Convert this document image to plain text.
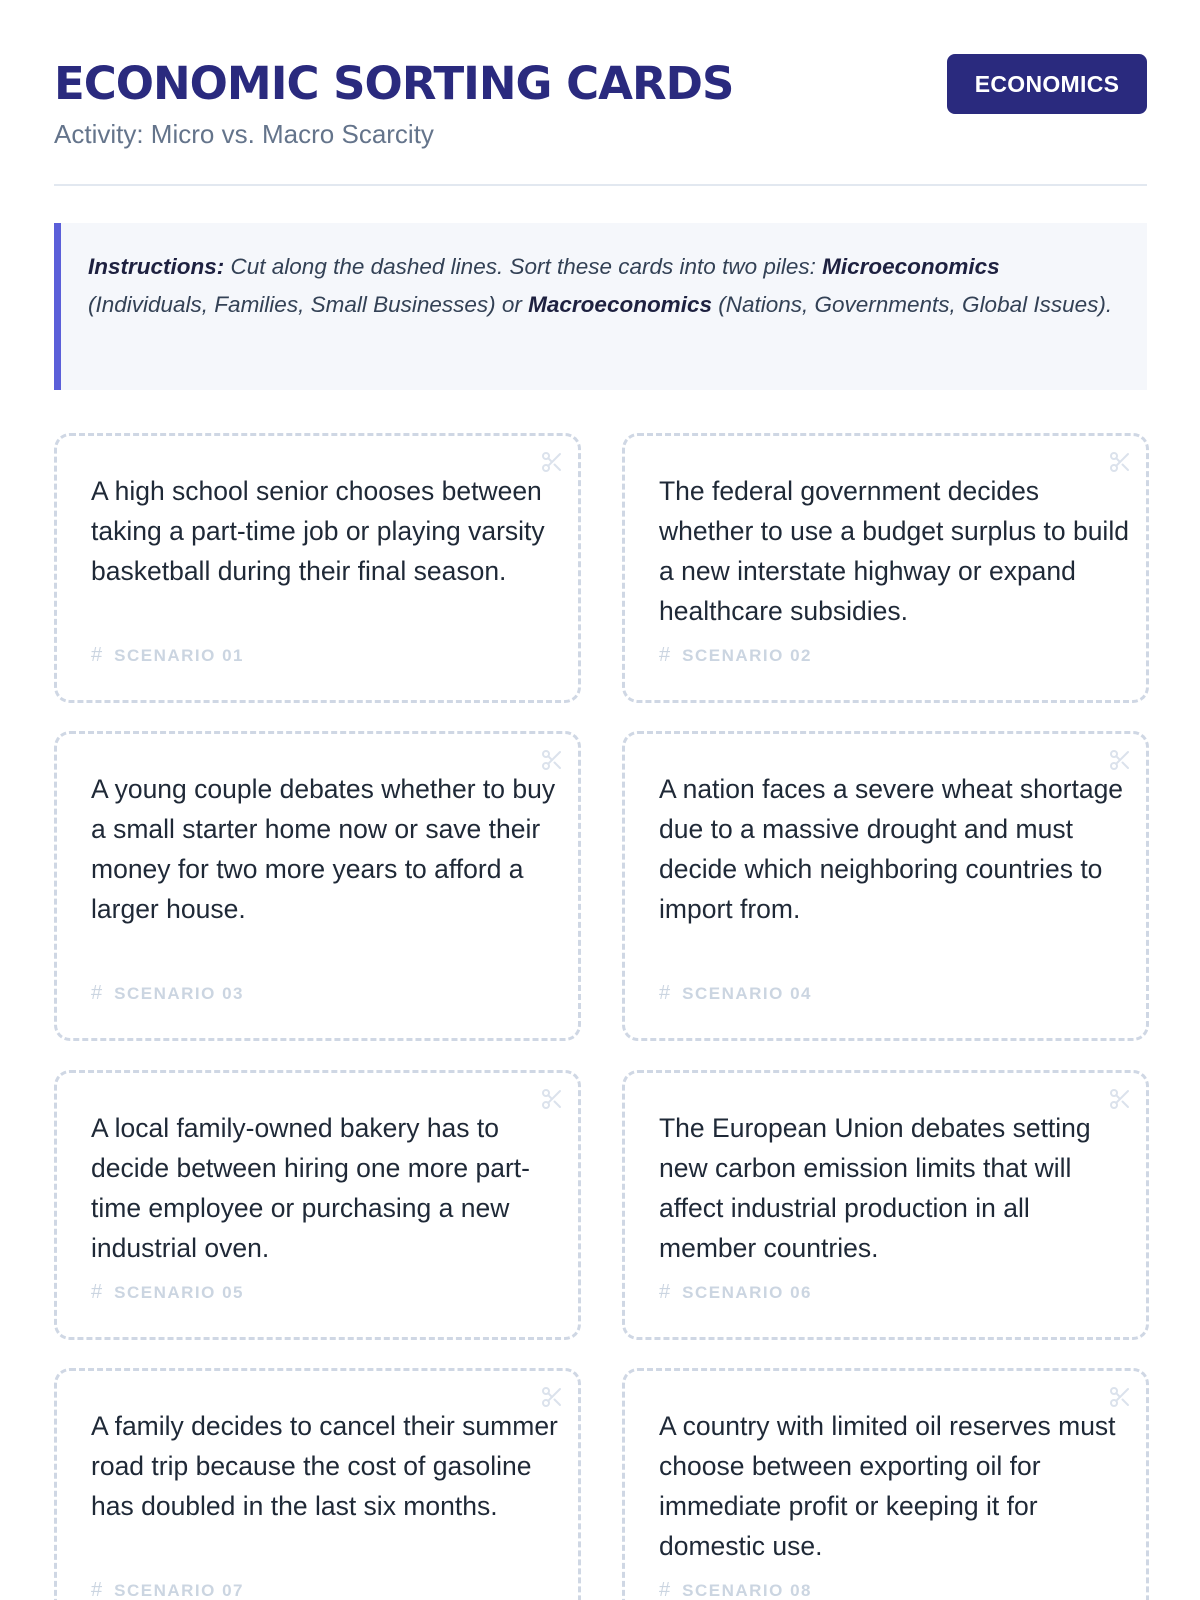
ECONOMIC SORTING CARDS
Activity: Micro vs. Macro Scarcity
ECONOMICS
Instructions: Cut along the dashed lines. Sort these cards into two piles: Microeconomics (Individuals, Families, Small Businesses) or Macroeconomics (Nations, Governments, Global Issues).
A high school senior chooses between taking a part-time job or playing varsity basketball during their final season.
# SCENARIO 01
The federal government decides whether to use a budget surplus to build a new interstate highway or expand healthcare subsidies.
# SCENARIO 02
A young couple debates whether to buy a small starter home now or save their money for two more years to afford a larger house.
# SCENARIO 03
A nation faces a severe wheat shortage due to a massive drought and must decide which neighboring countries to import from.
# SCENARIO 04
A local family-owned bakery has to decide between hiring one more part-time employee or purchasing a new industrial oven.
# SCENARIO 05
The European Union debates setting new carbon emission limits that will affect industrial production in all member countries.
# SCENARIO 06
A family decides to cancel their summer road trip because the cost of gasoline has doubled in the last six months.
# SCENARIO 07
A country with limited oil reserves must choose between exporting oil for immediate profit or keeping it for domestic use.
# SCENARIO 08
